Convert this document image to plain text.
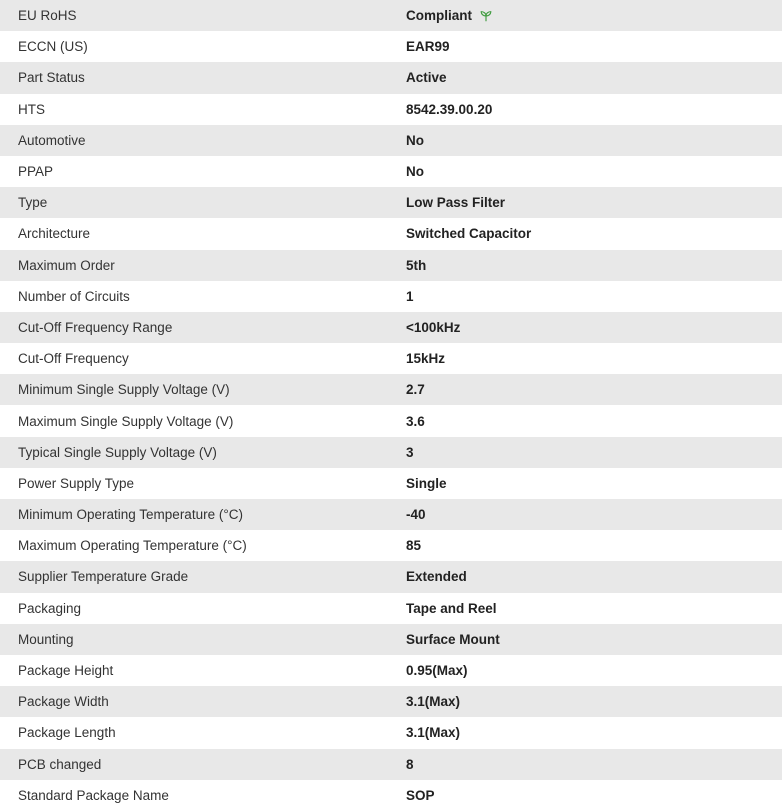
EU RoHS	Compliant
ECCN (US)	EAR99
Part Status	Active
HTS	8542.39.00.20
Automotive	No
PPAP	No
Type	Low Pass Filter
Architecture	Switched Capacitor
Maximum Order	5th
Number of Circuits	1
Cut-Off Frequency Range	<100kHz
Cut-Off Frequency	15kHz
Minimum Single Supply Voltage (V)	2.7
Maximum Single Supply Voltage (V)	3.6
Typical Single Supply Voltage (V)	3
Power Supply Type	Single
Minimum Operating Temperature (°C)	-40
Maximum Operating Temperature (°C)	85
Supplier Temperature Grade	Extended
Packaging	Tape and Reel
Mounting	Surface Mount
Package Height	0.95(Max)
Package Width	3.1(Max)
Package Length	3.1(Max)
PCB changed	8
Standard Package Name	SOP
